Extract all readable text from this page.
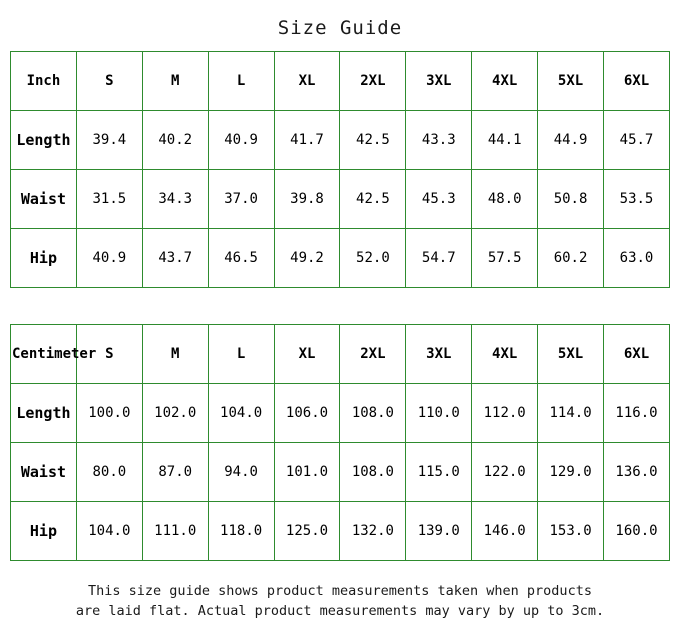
Size Guide
Inch	S	M	L	XL	2XL	3XL	4XL	5XL	6XL
Length	39.4	40.2	40.9	41.7	42.5	43.3	44.1	44.9	45.7
Waist	31.5	34.3	37.0	39.8	42.5	45.3	48.0	50.8	53.5
Hip	40.9	43.7	46.5	49.2	52.0	54.7	57.5	60.2	63.0
Centimeter	S	M	L	XL	2XL	3XL	4XL	5XL	6XL
Length	100.0	102.0	104.0	106.0	108.0	110.0	112.0	114.0	116.0
Waist	80.0	87.0	94.0	101.0	108.0	115.0	122.0	129.0	136.0
Hip	104.0	111.0	118.0	125.0	132.0	139.0	146.0	153.0	160.0
This size guide shows product measurements taken when products
are laid flat. Actual product measurements may vary by up to 3cm.
